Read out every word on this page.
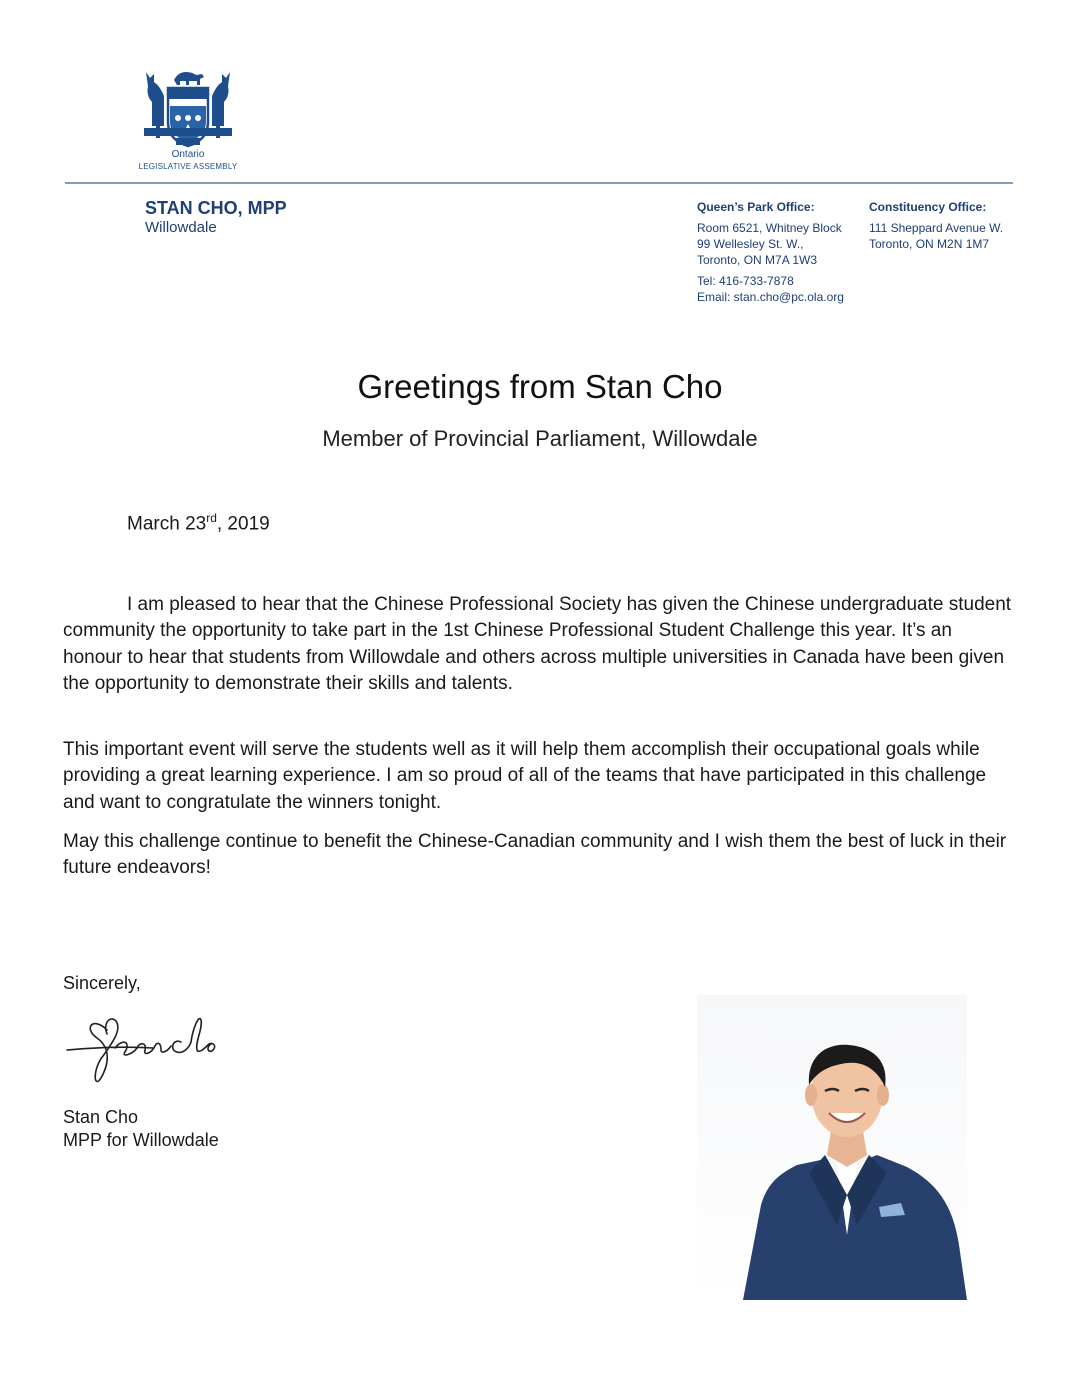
Ontario
LEGISLATIVE ASSEMBLY
STAN CHO, MPP
Willowdale
Queen’s Park Office:
Room 6521, Whitney Block
99 Wellesley St. W.,
Toronto, ON M7A 1W3
Tel: 416-733-7878
Email: stan.cho@pc.ola.org
Constituency Office:
111 Sheppard Avenue W.
Toronto, ON M2N 1M7
Greetings from Stan Cho
Member of Provincial Parliament, Willowdale
March 23rd, 2019
I am pleased to hear that the Chinese Professional Society has given the Chinese undergraduate student community the opportunity to take part in the 1st Chinese Professional Student Challenge this year. It’s an honour to hear that students from Willowdale and others across multiple universities in Canada have been given the opportunity to demonstrate their skills and talents.
This important event will serve the students well as it will help them accomplish their occupational goals while providing a great learning experience. I am so proud of all of the teams that have participated in this challenge and want to congratulate the winners tonight.
May this challenge continue to benefit the Chinese-Canadian community and I wish them the best of luck in their future endeavors!
Sincerely,
Stan Cho
MPP for Willowdale
